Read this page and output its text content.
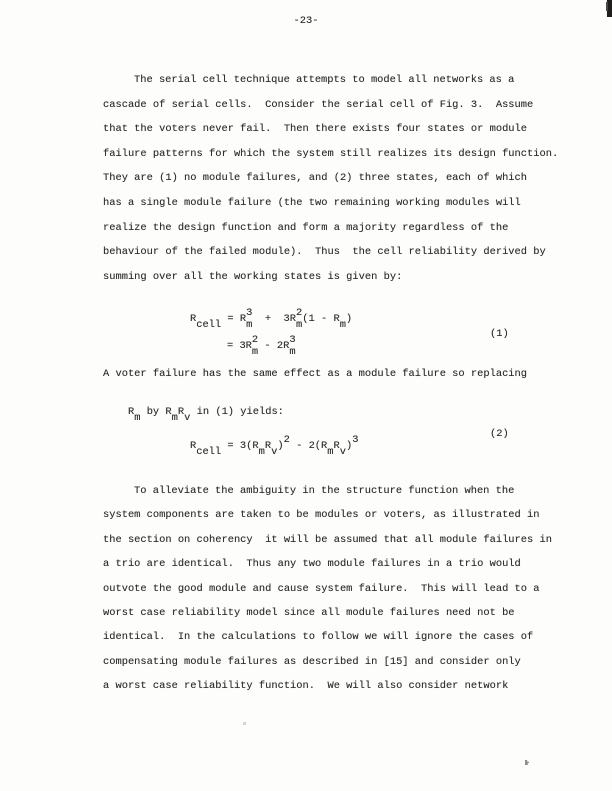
-23-
The serial cell technique attempts to model all networks as a
cascade of serial cells.  Consider the serial cell of Fig. 3.  Assume
that the voters never fail.  Then there exists four states or module
failure patterns for which the system still realizes its design function.
They are (1) no module failures, and (2) three states, each of which
has a single module failure (the two remaining working modules will
realize the design function and form a majority regardless of the
behaviour of the failed module).  Thus  the cell reliability derived by
summing over all the working states is given by:

Rcell = R 3
m +  3R 2
m (1 - R m )

= 3R 2
m - 2R 3
m

(1)
A voter failure has the same effect as a module failure so replacing

Rm by RmRv in (1) yields:

Rcell = 3(RmRv)2 - 2(RmRv)3
	(2)
To alleviate the ambiguity in the structure function when the
system components are taken to be modules or voters, as illustrated in
the section on coherency  it will be assumed that all module failures in
a trio are identical.  Thus any two module failures in a trio would
outvote the good module and cause system failure.  This will lead to a
worst case reliability model since all module failures need not be
identical.  In the calculations to follow we will ignore the cases of
compensating module failures as described in [15] and consider only
a worst case reliability function.  We will also consider network
